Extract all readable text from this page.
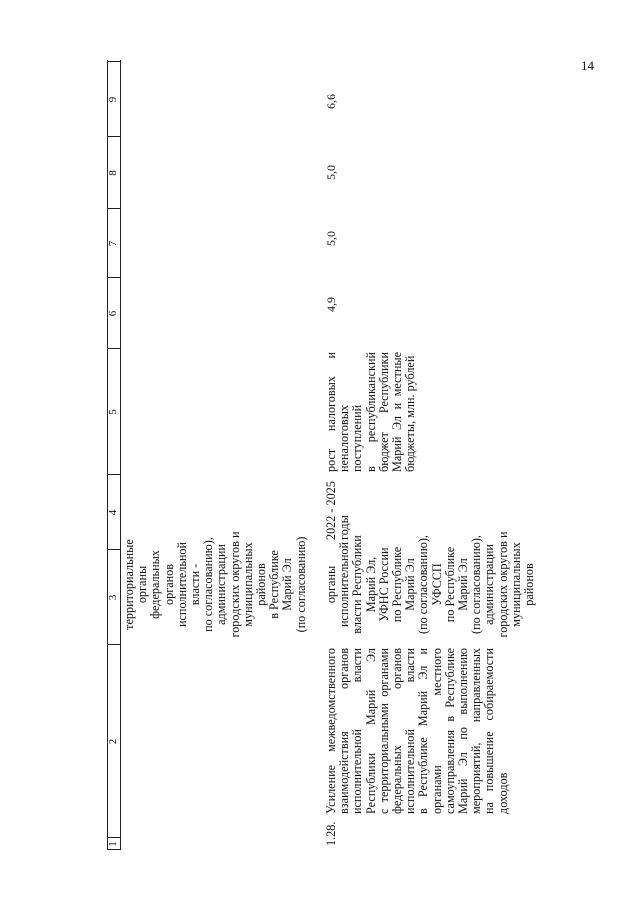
14
1
2
3
4
5
6
7
8
9
территориальные органы федеральных органов исполнительной власти - по согласованию), администрации городских округов и муниципальных районов в Республике Марий Эл (по согласованию)
1.28.
Усиление межведомственного взаимодействия органов исполнительной власти Республики Марий Эл с территориальными органами федеральных органов исполнительной власти в Республике Марий Эл и органами местного самоуправления в Республике Марий Эл по выполнению мероприятий, направленных на повышение собираемости доходов
органы исполнительной власти Республики Марий Эл, УФНС России по Республике Марий Эл (по согласованию), УФССП по Республике Марий Эл (по согласованию), администрации городских округов и муниципальных районов
2022 - 2025 годы
рост налоговых и неналоговых поступлений в республиканский бюджет Республики Марий Эл и местные бюджеты, млн. рублей
4,9
5,0
5,0
6,6
